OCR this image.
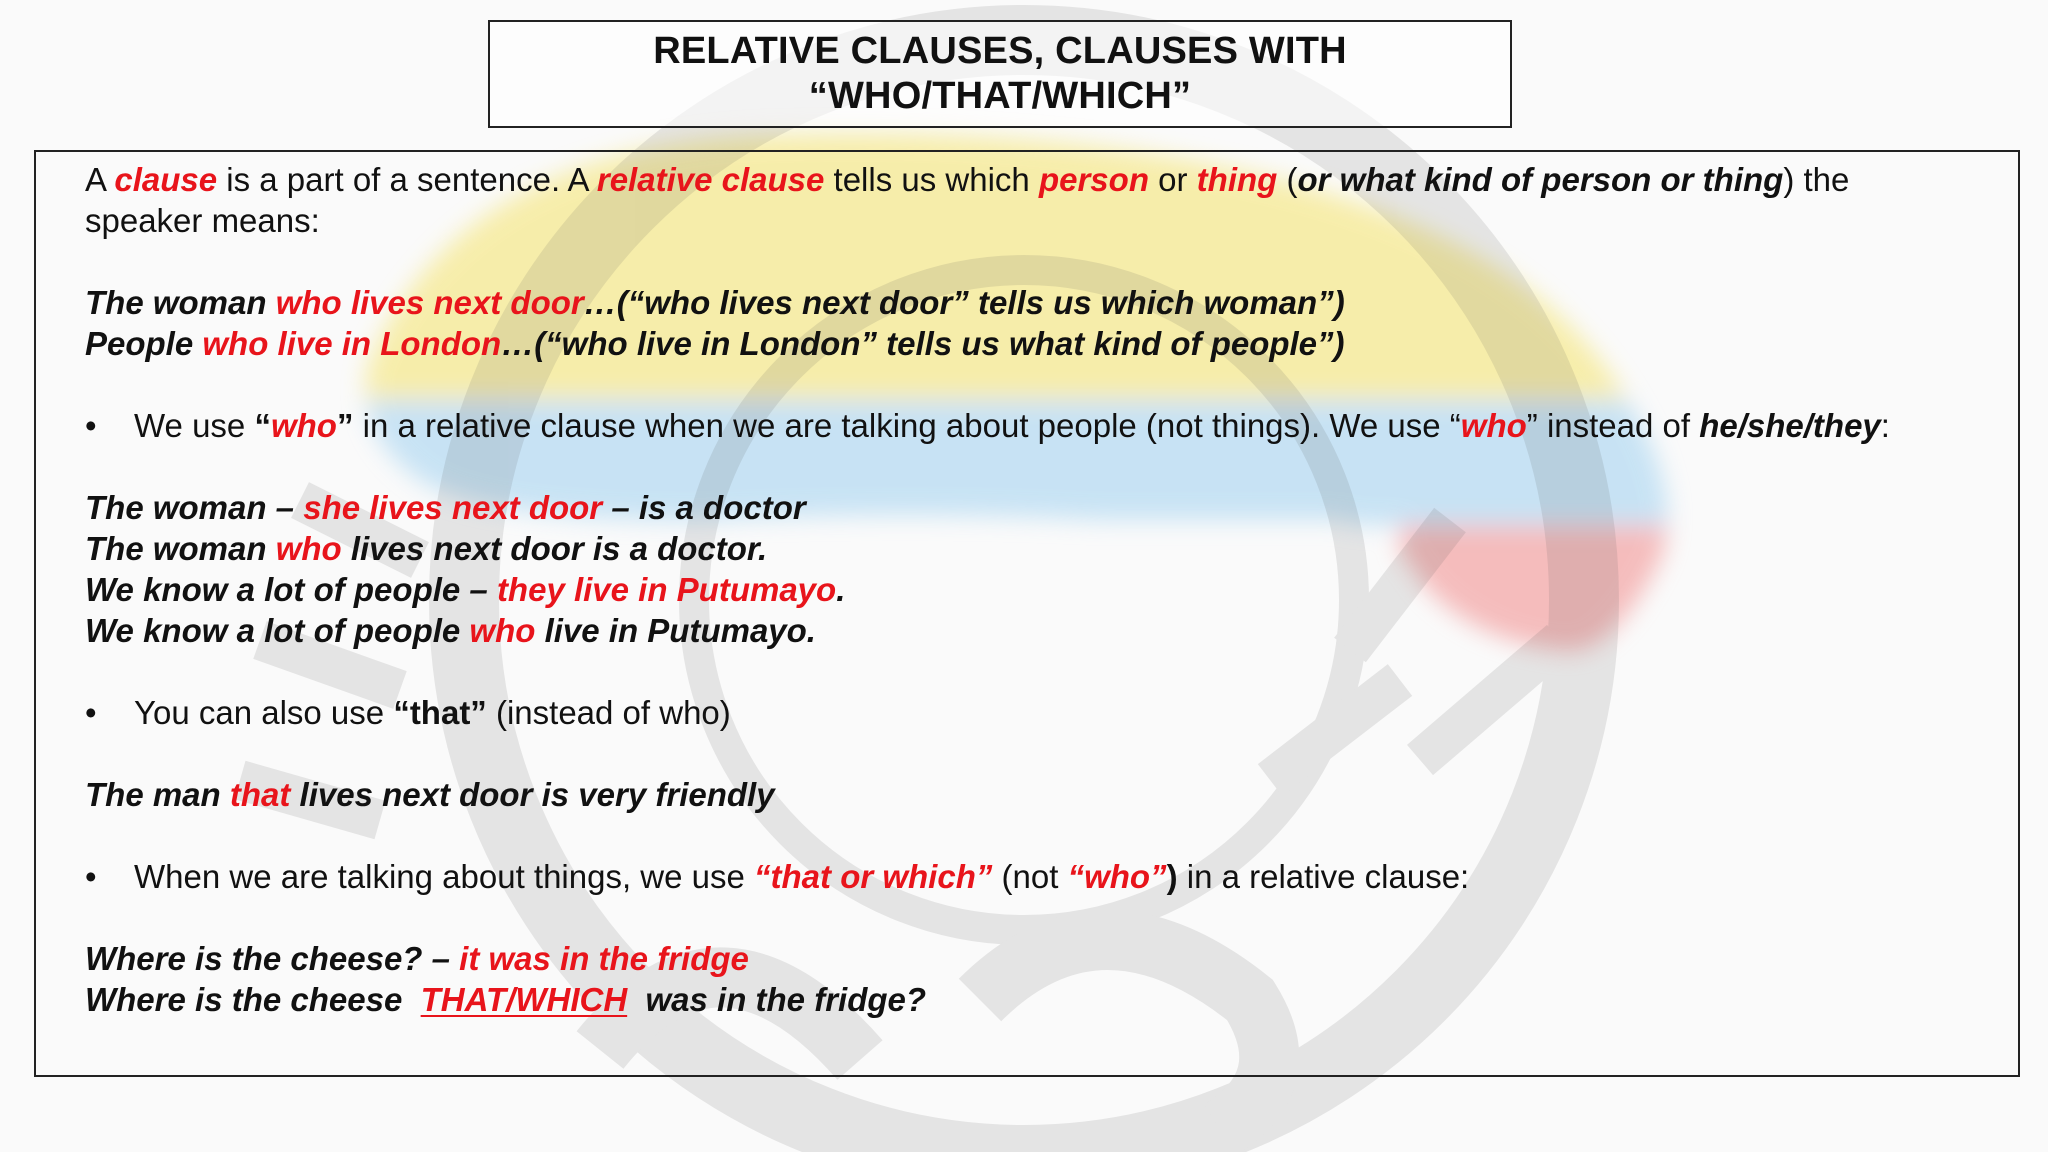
RELATIVE CLAUSES, CLAUSES WITH
“WHO/THAT/WHICH”
A clause is a part of a sentence. A relative clause tells us which person or thing (or what kind of person or thing) the
speaker means:
The woman who lives next door…(“who lives next door” tells us which woman”)
People who live in London…(“who live in London” tells us what kind of people”)
• We use “who” in a relative clause when we are talking about people (not things). We use “who” instead of he/she/they:
The woman – she lives next door – is a doctor
The woman who lives next door is a doctor.
We know a lot of people – they live in Putumayo.
We know a lot of people who live in Putumayo.
• You can also use “that” (instead of who)
The man that lives next door is very friendly
• When we are talking about things, we use “that or which” (not “who”) in a relative clause:
Where is the cheese? – it was in the fridge
Where is the cheese  THAT/WHICH  was in the fridge?
